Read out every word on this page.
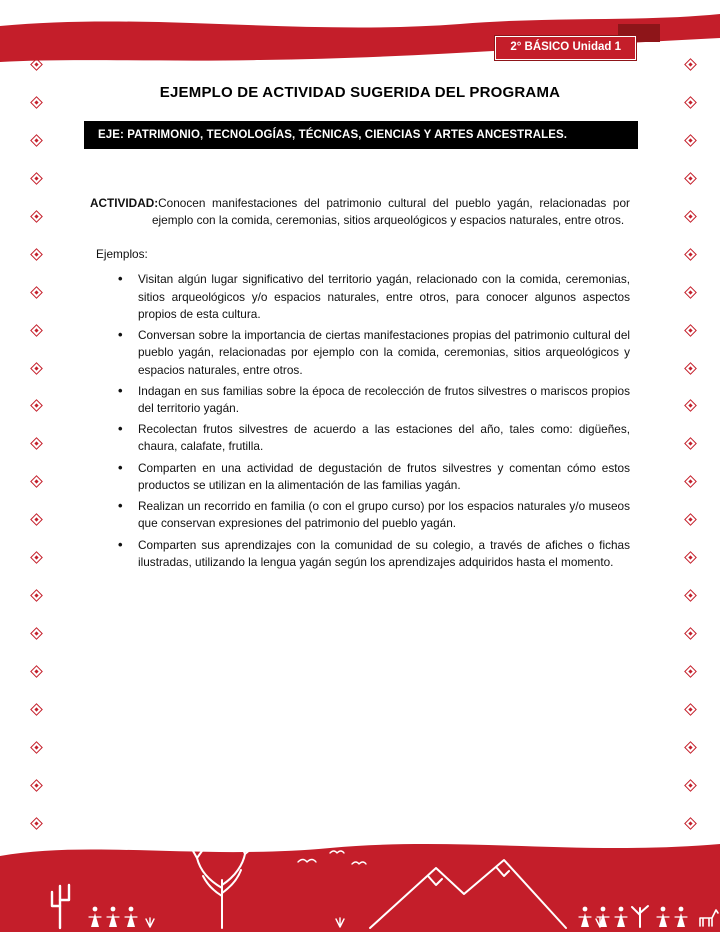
2° BÁSICO Unidad 1
EJEMPLO DE ACTIVIDAD SUGERIDA DEL PROGRAMA
EJE: PATRIMONIO, TECNOLOGÍAS, TÉCNICAS, CIENCIAS Y ARTES ANCESTRALES.

ACTIVIDAD: Conocen manifestaciones del patrimonio cultural del pueblo yagán, relacionadas por ejemplo con la comida, ceremonias, sitios arqueológicos y espacios naturales, entre otros.

Ejemplos:
• Visitan algún lugar significativo del territorio yagán, relacionado con la comida, ceremonias, sitios arqueológicos y/o espacios naturales, entre otros, para conocer algunos aspectos propios de esta cultura.
• Conversan sobre la importancia de ciertas manifestaciones propias del patrimonio cultural del pueblo yagán, relacionadas por ejemplo con la comida, ceremonias, sitios arqueológicos y espacios naturales, entre otros.
• Indagan en sus familias sobre la época de recolección de frutos silvestres o mariscos propios del territorio yagán.
• Recolectan frutos silvestres de acuerdo a las estaciones del año, tales como: digüeñes, chaura, calafate, frutilla.
• Comparten en una actividad de degustación de frutos silvestres y comentan cómo estos productos se utilizan en la alimentación de las familias yagán.
• Realizan un recorrido en familia (o con el grupo curso) por los espacios naturales y/o museos que conservan expresiones del patrimonio del pueblo yagán.
• Comparten sus aprendizajes con la comunidad de su colegio, a través de afiches o fichas ilustradas, utilizando la lengua yagán según los aprendizajes adquiridos hasta el momento.
